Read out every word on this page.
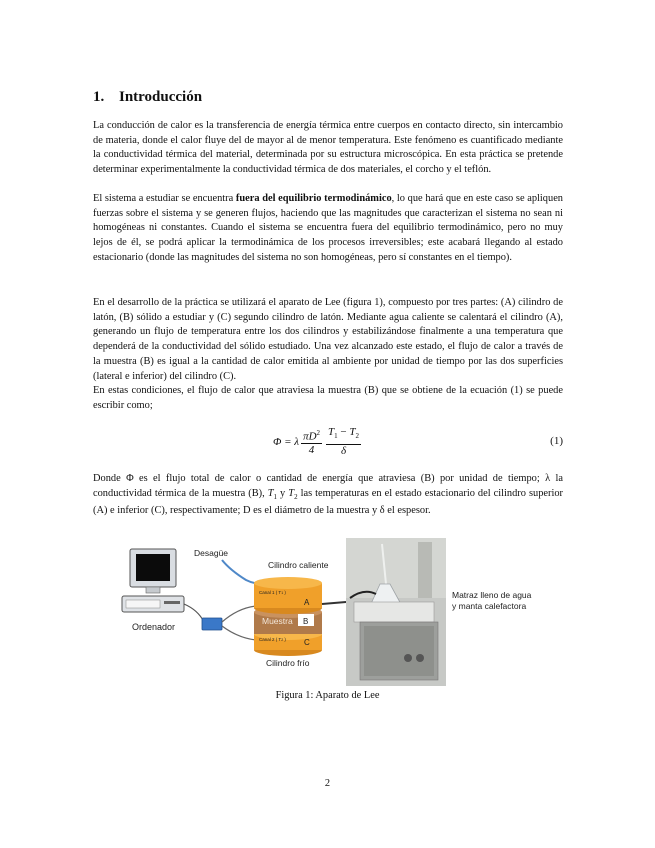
1. Introducción

La conducción de calor es la transferencia de energía térmica entre cuerpos en contacto directo, sin intercambio de materia, donde el calor fluye del de mayor al de menor temperatura. Este fenómeno es cuantificado mediante la conductividad térmica del material, determinada por su estructura microscópica. En esta práctica se pretende determinar experimentalmente la conductividad térmica de dos materiales, el corcho y el teflón.

El sistema a estudiar se encuentra fuera del equilibrio termodinámico, lo que hará que en este caso se apliquen fuerzas sobre el sistema y se generen flujos, haciendo que las magnitudes que caracterizan el sistema no sean ni homogéneas ni constantes. Cuando el sistema se encuentra fuera del equilibrio termodinámico, pero no muy lejos de él, se podrá aplicar la termodinámica de los procesos irreversibles; este acabará llegando al estado estacionario (donde las magnitudes del sistema no son homogéneas, pero sí constantes en el tiempo).

En el desarrollo de la práctica se utilizará el aparato de Lee (figura 1), compuesto por tres partes: (A) cilindro de latón, (B) sólido a estudiar y (C) segundo cilindro de latón. Mediante agua caliente se calentará el cilindro (A), generando un flujo de temperatura entre los dos cilindros y estabilizándose finalmente a una temperatura que dependerá de la conductividad del sólido estudiado. Una vez alcanzado este estado, el flujo de calor a través de la muestra (B) es igual a la cantidad de calor emitida al ambiente por unidad de tiempo por las dos superficies (lateral e inferior) del cilindro (C).

En estas condiciones, el flujo de calor que atraviesa la muestra (B) que se obtiene de la ecuación (1) se puede escribir como;

Φ = λ $\frac{\pi D^2}{4} \frac{T_1 - T_2}{\delta}$	(1)

Donde Φ es el flujo total de calor o cantidad de energía que atraviesa (B) por unidad de tiempo; λ la conductividad térmica de la muestra (B), $T_1$ y $T_2$ las temperaturas en el estado estacionario del cilindro superior (A) e inferior (C), respectivamente; D es el diámetro de la muestra y δ el espesor.

Ordenador
Desagüe
Cilindro caliente
Canal 1 ( T1 )
A
Muestra B
C
Canal 2 ( T2 )
Cilindro frío
Matraz lleno de agua
y manta calefactora
Figura 1: Aparato de Lee
2
